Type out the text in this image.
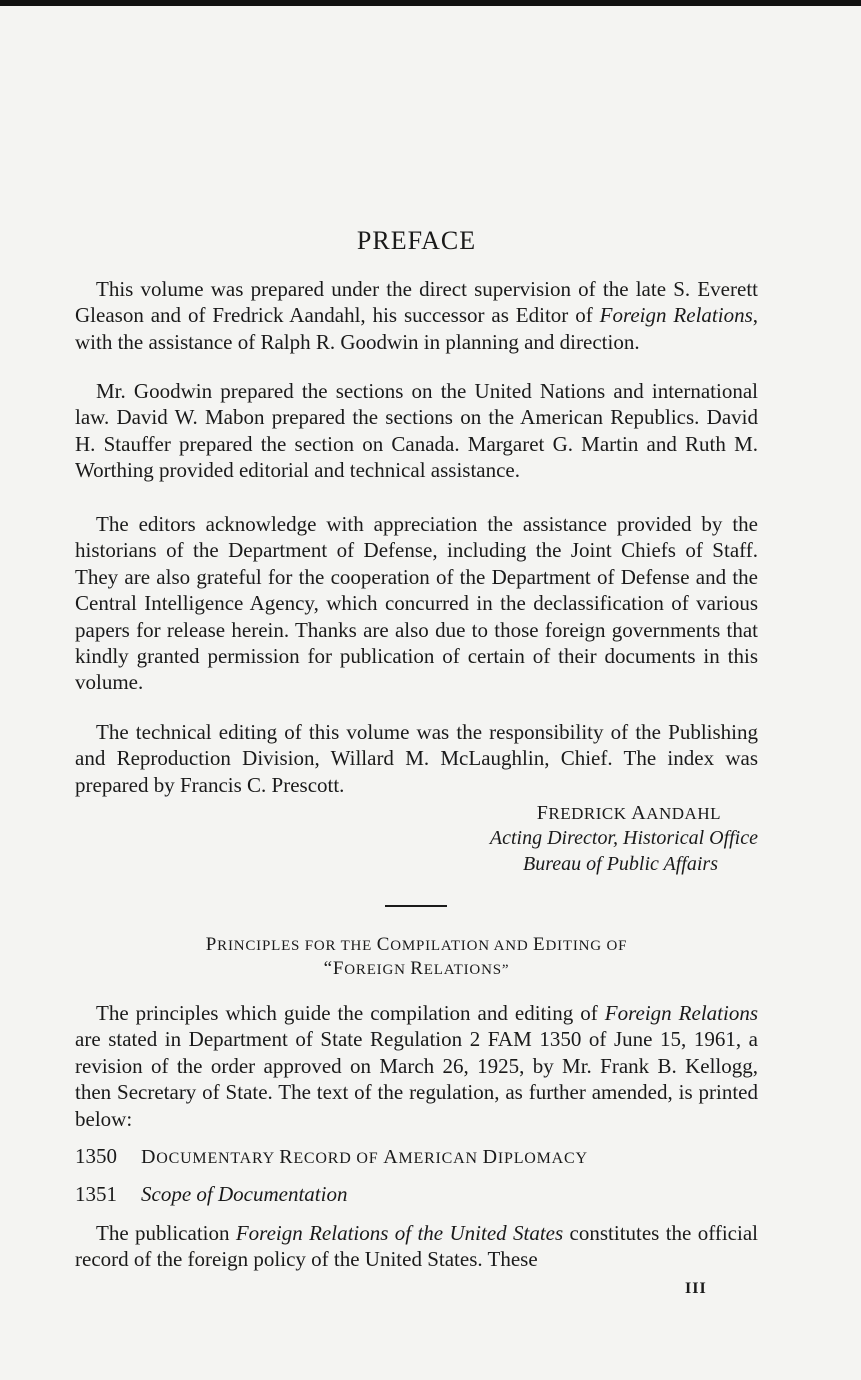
PREFACE

This volume was prepared under the direct supervision of the late S. Everett Gleason and of Fredrick Aandahl, his successor as Editor of Foreign Relations, with the assistance of Ralph R. Goodwin in planning and direction.

Mr. Goodwin prepared the sections on the United Nations and international law. David W. Mabon prepared the sections on the American Republics. David H. Stauffer prepared the section on Canada. Margaret G. Martin and Ruth M. Worthing provided editorial and technical assistance.

The editors acknowledge with appreciation the assistance provided by the historians of the Department of Defense, including the Joint Chiefs of Staff. They are also grateful for the cooperation of the Department of Defense and the Central Intelligence Agency, which concurred in the declassification of various papers for release herein. Thanks are also due to those foreign governments that kindly granted permission for publication of certain of their documents in this volume.

The technical editing of this volume was the responsibility of the Publishing and Reproduction Division, Willard M. McLaughlin, Chief. The index was prepared by Francis C. Prescott.

FREDRICK AANDAHL
Acting Director, Historical Office
Bureau of Public Affairs
PRINCIPLES FOR THE COMPILATION AND EDITING OF
“FOREIGN RELATIONS”

The principles which guide the compilation and editing of Foreign Relations are stated in Department of State Regulation 2 FAM 1350 of June 15, 1961, a revision of the order approved on March 26, 1925, by Mr. Frank B. Kellogg, then Secretary of State. The text of the regulation, as further amended, is printed below:

1350 DOCUMENTARY RECORD OF AMERICAN DIPLOMACY
1351 Scope of Documentation

The publication Foreign Relations of the United States constitutes the official record of the foreign policy of the United States. These

III
